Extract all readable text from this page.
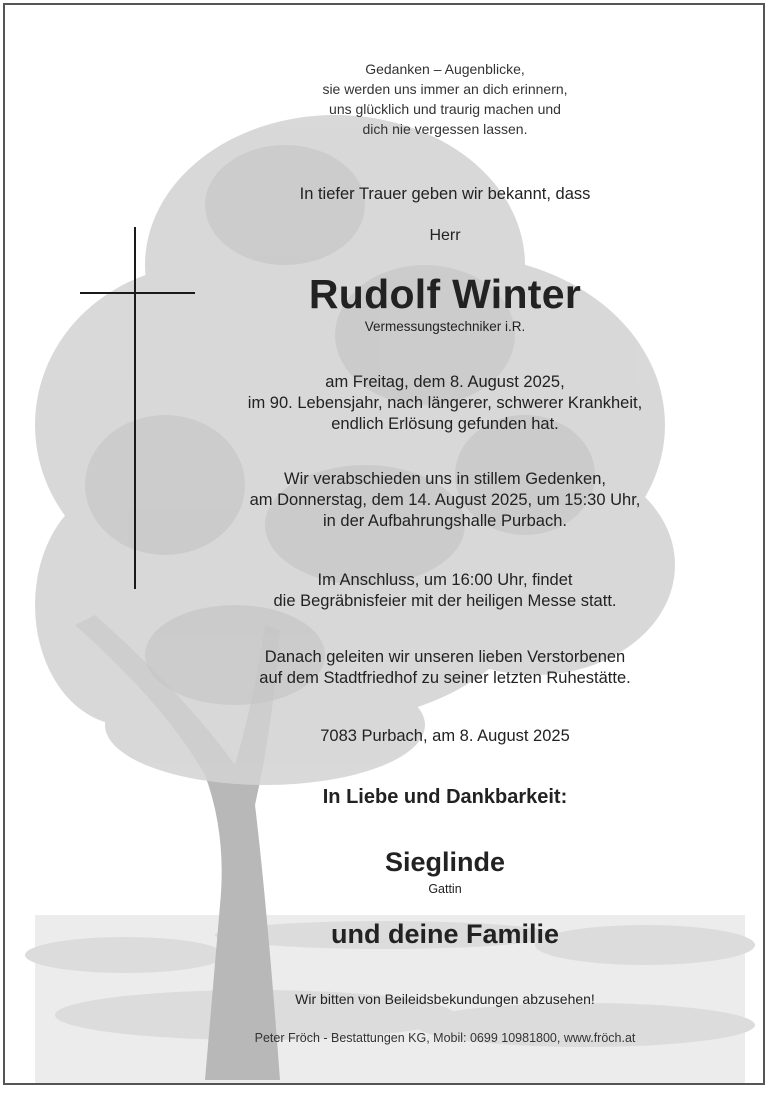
Gedanken – Augenblicke,
sie werden uns immer an dich erinnern,
uns glücklich und traurig machen und
dich nie vergessen lassen.
In tiefer Trauer geben wir bekannt, dass
Herr
Rudolf Winter
Vermessungstechniker i.R.
am Freitag, dem 8. August 2025,
im 90. Lebensjahr, nach längerer, schwerer Krankheit,
endlich Erlösung gefunden hat.
Wir verabschieden uns in stillem Gedenken,
am Donnerstag, dem 14. August 2025, um 15:30 Uhr,
in der Aufbahrungshalle Purbach.
Im Anschluss, um 16:00 Uhr, findet
die Begräbnisfeier mit der heiligen Messe statt.
Danach geleiten wir unseren lieben Verstorbenen
auf dem Stadtfriedhof zu seiner letzten Ruhestätte.
7083 Purbach, am 8. August 2025
In Liebe und Dankbarkeit:
Sieglinde
Gattin
und deine Familie
Wir bitten von Beileidsbekundungen abzusehen!
Peter Fröch - Bestattungen KG, Mobil: 0699 10981800, www.fröch.at
